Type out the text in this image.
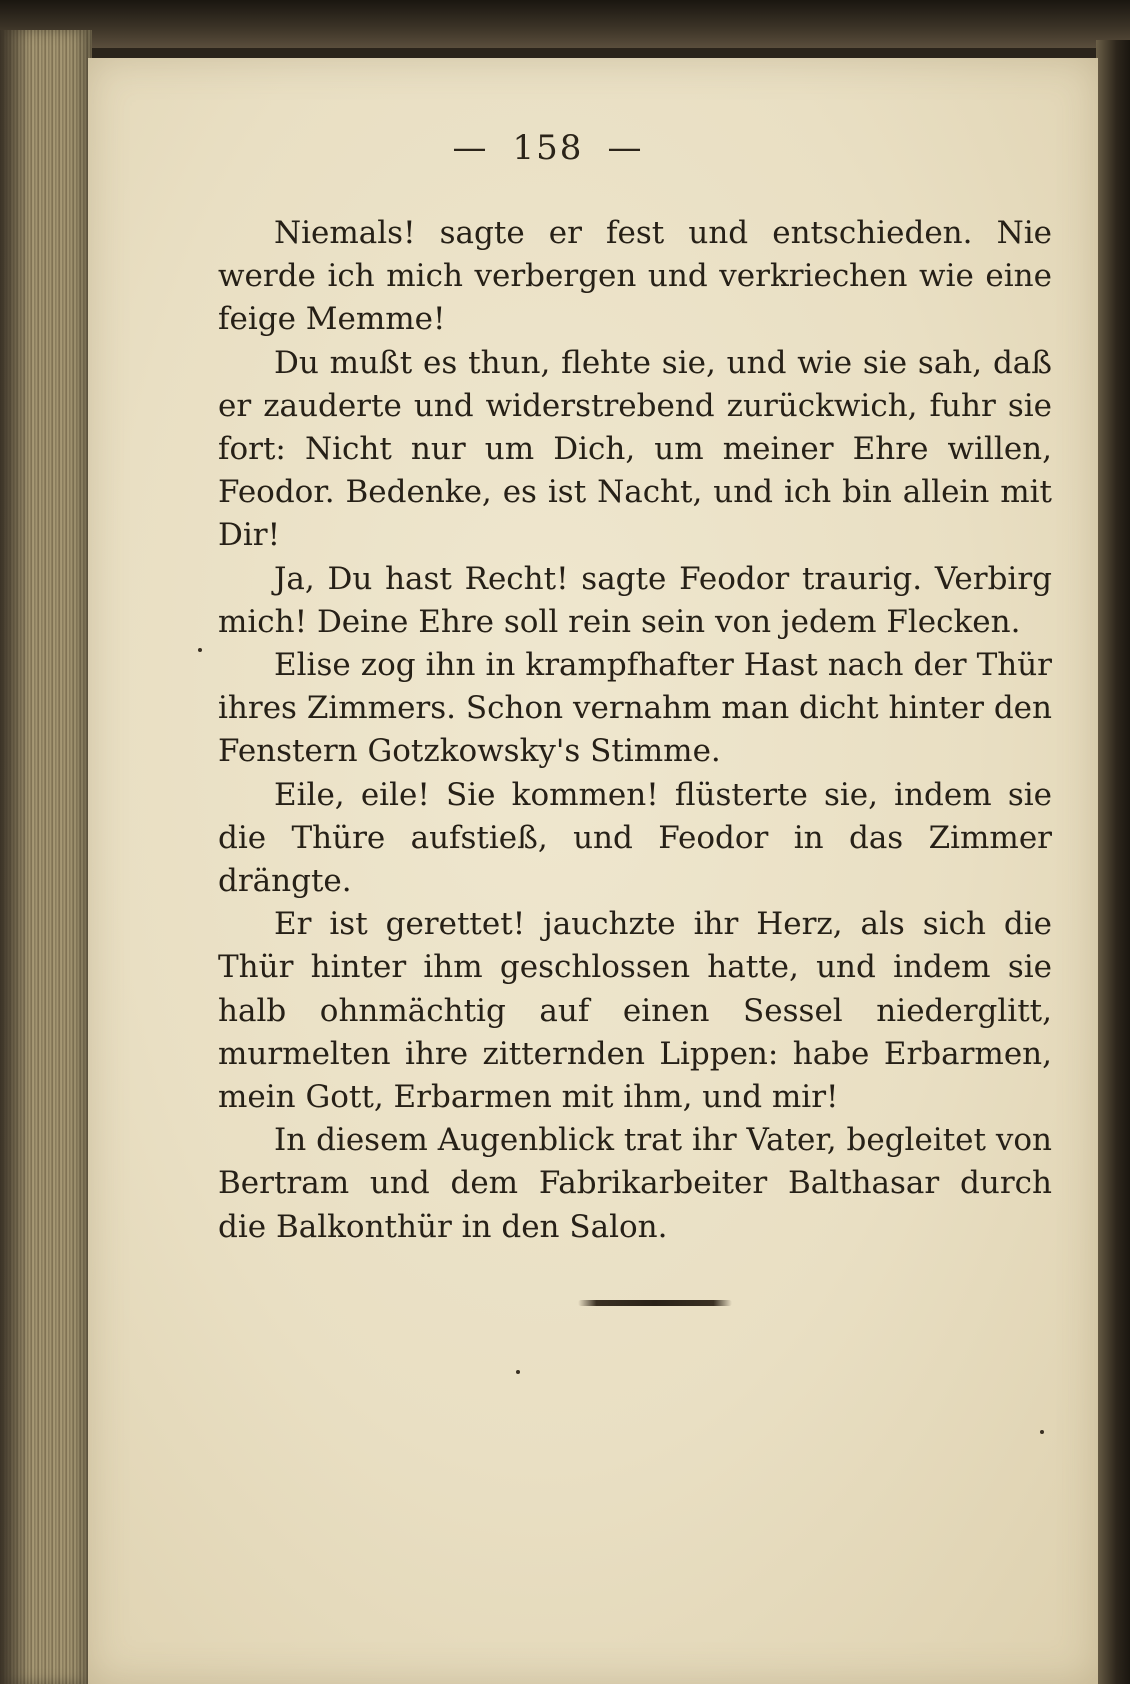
— 158 —

Niemals! sagte er fest und entschieden. Nie werde ich mich verbergen und verkriechen wie eine feige Memme!

Du mußt es thun, flehte sie, und wie sie sah, daß er zauderte und widerstrebend zurückwich, fuhr sie fort: Nicht nur um Dich, um meiner Ehre willen, Feodor. Bedenke, es ist Nacht, und ich bin allein mit Dir!

Ja, Du hast Recht! sagte Feodor traurig. Verbirg mich! Deine Ehre soll rein sein von jedem Flecken.

Elise zog ihn in krampfhafter Hast nach der Thür ihres Zimmers. Schon vernahm man dicht hinter den Fenstern Gotzkowsky's Stimme.

Eile, eile! Sie kommen! flüsterte sie, indem sie die Thüre aufstieß, und Feodor in das Zimmer drängte.

Er ist gerettet! jauchzte ihr Herz, als sich die Thür hinter ihm geschlossen hatte, und indem sie halb ohnmächtig auf einen Sessel niederglitt, murmelten ihre zitternden Lippen: habe Erbarmen, mein Gott, Erbarmen mit ihm, und mir!

In diesem Augenblick trat ihr Vater, begleitet von Bertram und dem Fabrikarbeiter Balthasar durch die Balkonthür in den Salon.
